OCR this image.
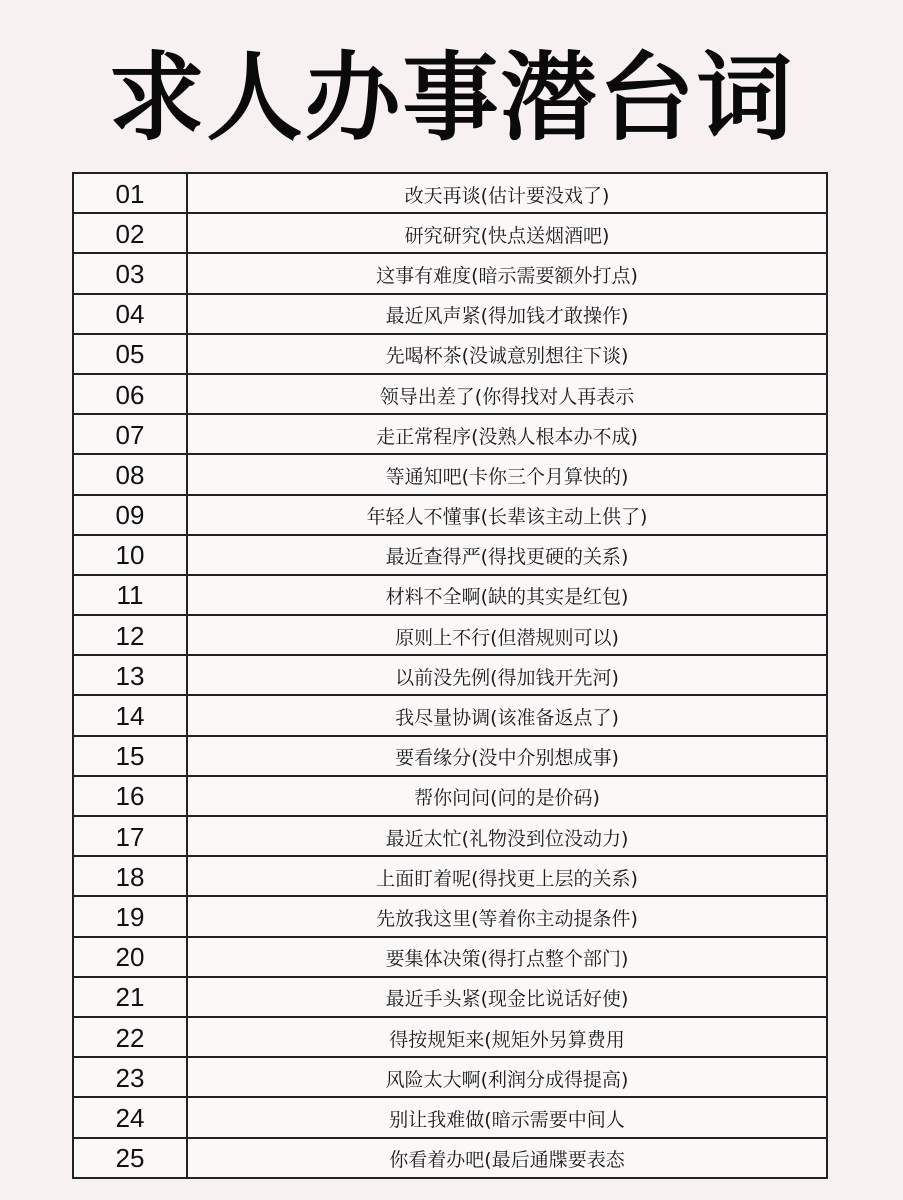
求人办事潜台词
01	改天再谈(估计要没戏了)
02	研究研究(快点送烟酒吧)
03	这事有难度(暗示需要额外打点)
04	最近风声紧(得加钱才敢操作)
05	先喝杯茶(没诚意别想往下谈)
06	领导出差了(你得找对人再表示
07	走正常程序(没熟人根本办不成)
08	等通知吧(卡你三个月算快的)
09	年轻人不懂事(长辈该主动上供了)
10	最近查得严(得找更硬的关系)
11	材料不全啊(缺的其实是红包)
12	原则上不行(但潜规则可以)
13	以前没先例(得加钱开先河)
14	我尽量协调(该准备返点了)
15	要看缘分(没中介别想成事)
16	帮你问问(问的是价码)
17	最近太忙(礼物没到位没动力)
18	上面盯着呢(得找更上层的关系)
19	先放我这里(等着你主动提条件)
20	要集体决策(得打点整个部门)
21	最近手头紧(现金比说话好使)
22	得按规矩来(规矩外另算费用
23	风险太大啊(利润分成得提高)
24	别让我难做(暗示需要中间人
25	你看着办吧(最后通牒要表态
